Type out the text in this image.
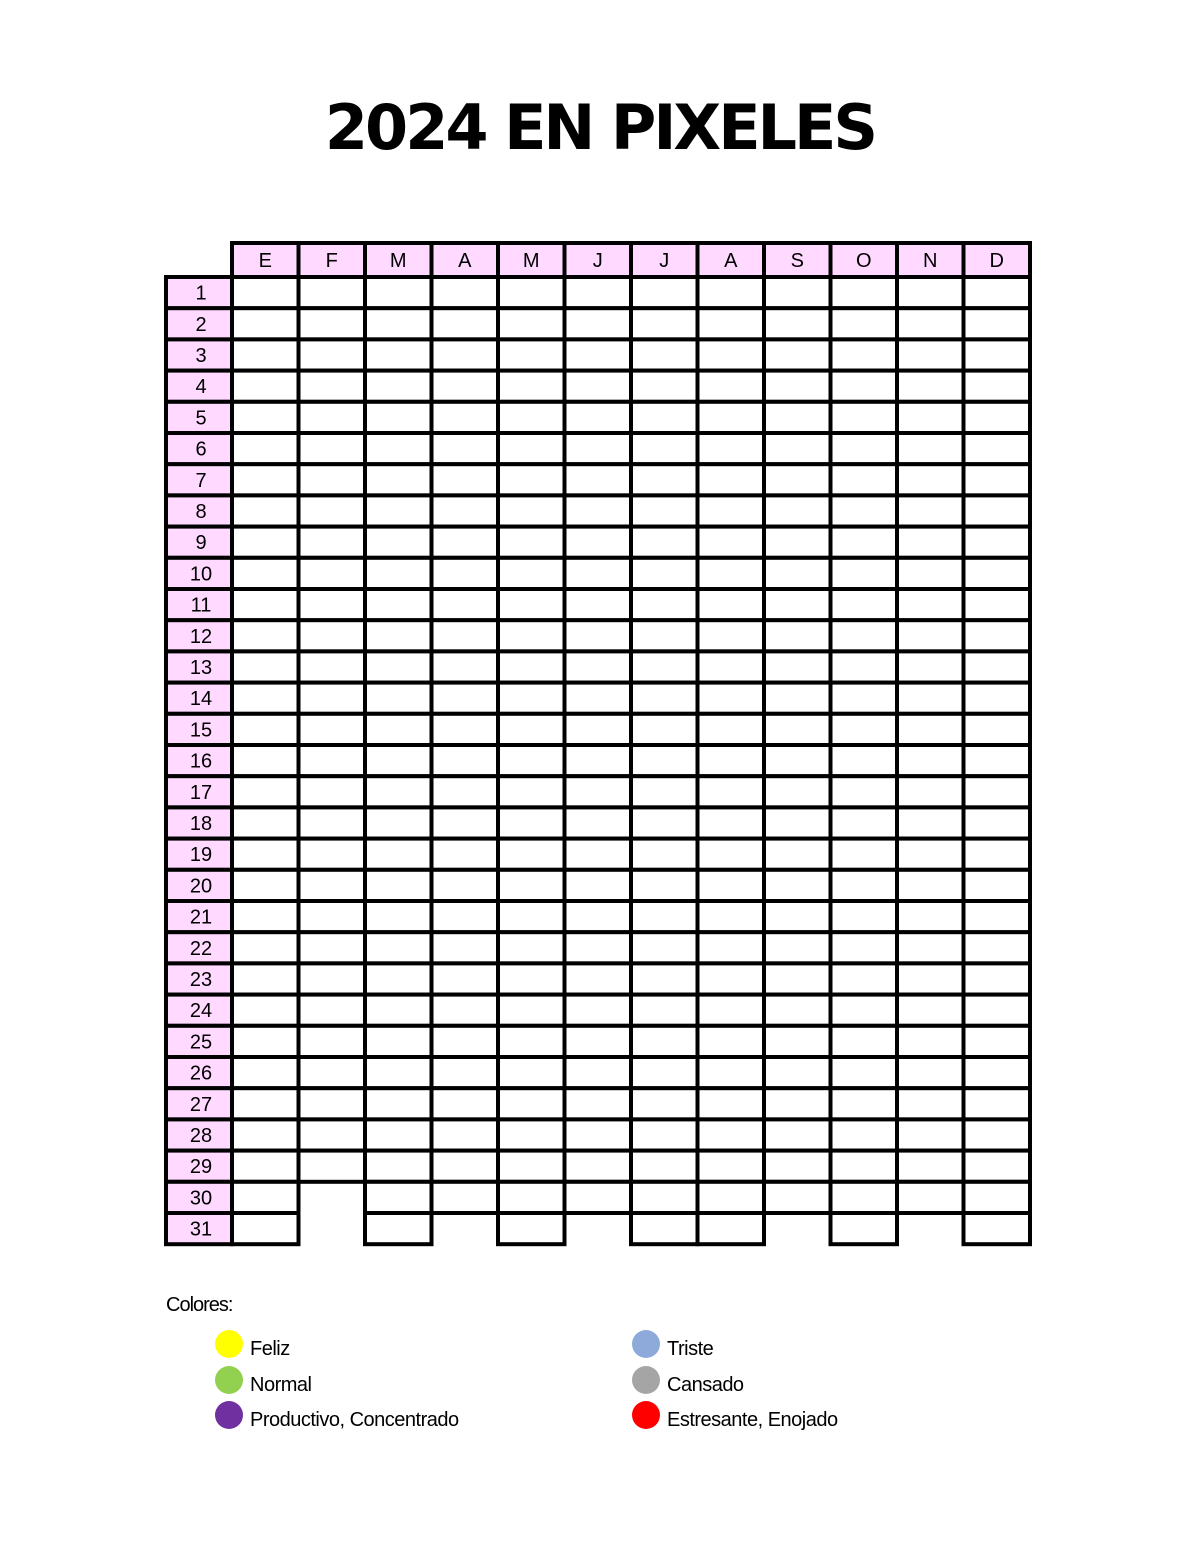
2024 EN PIXELES
E	F	M	A	M	J	J	A	S	O	N	D
1
2
3
4
5
6
7
8
9
10
11
12
13
14
15
16
17
18
19
20
21
22
23
24
25
26
27
28
29
30
31
Colores:
Feliz
Normal
Productivo, Concentrado
Triste
Cansado
Estresante, Enojado
